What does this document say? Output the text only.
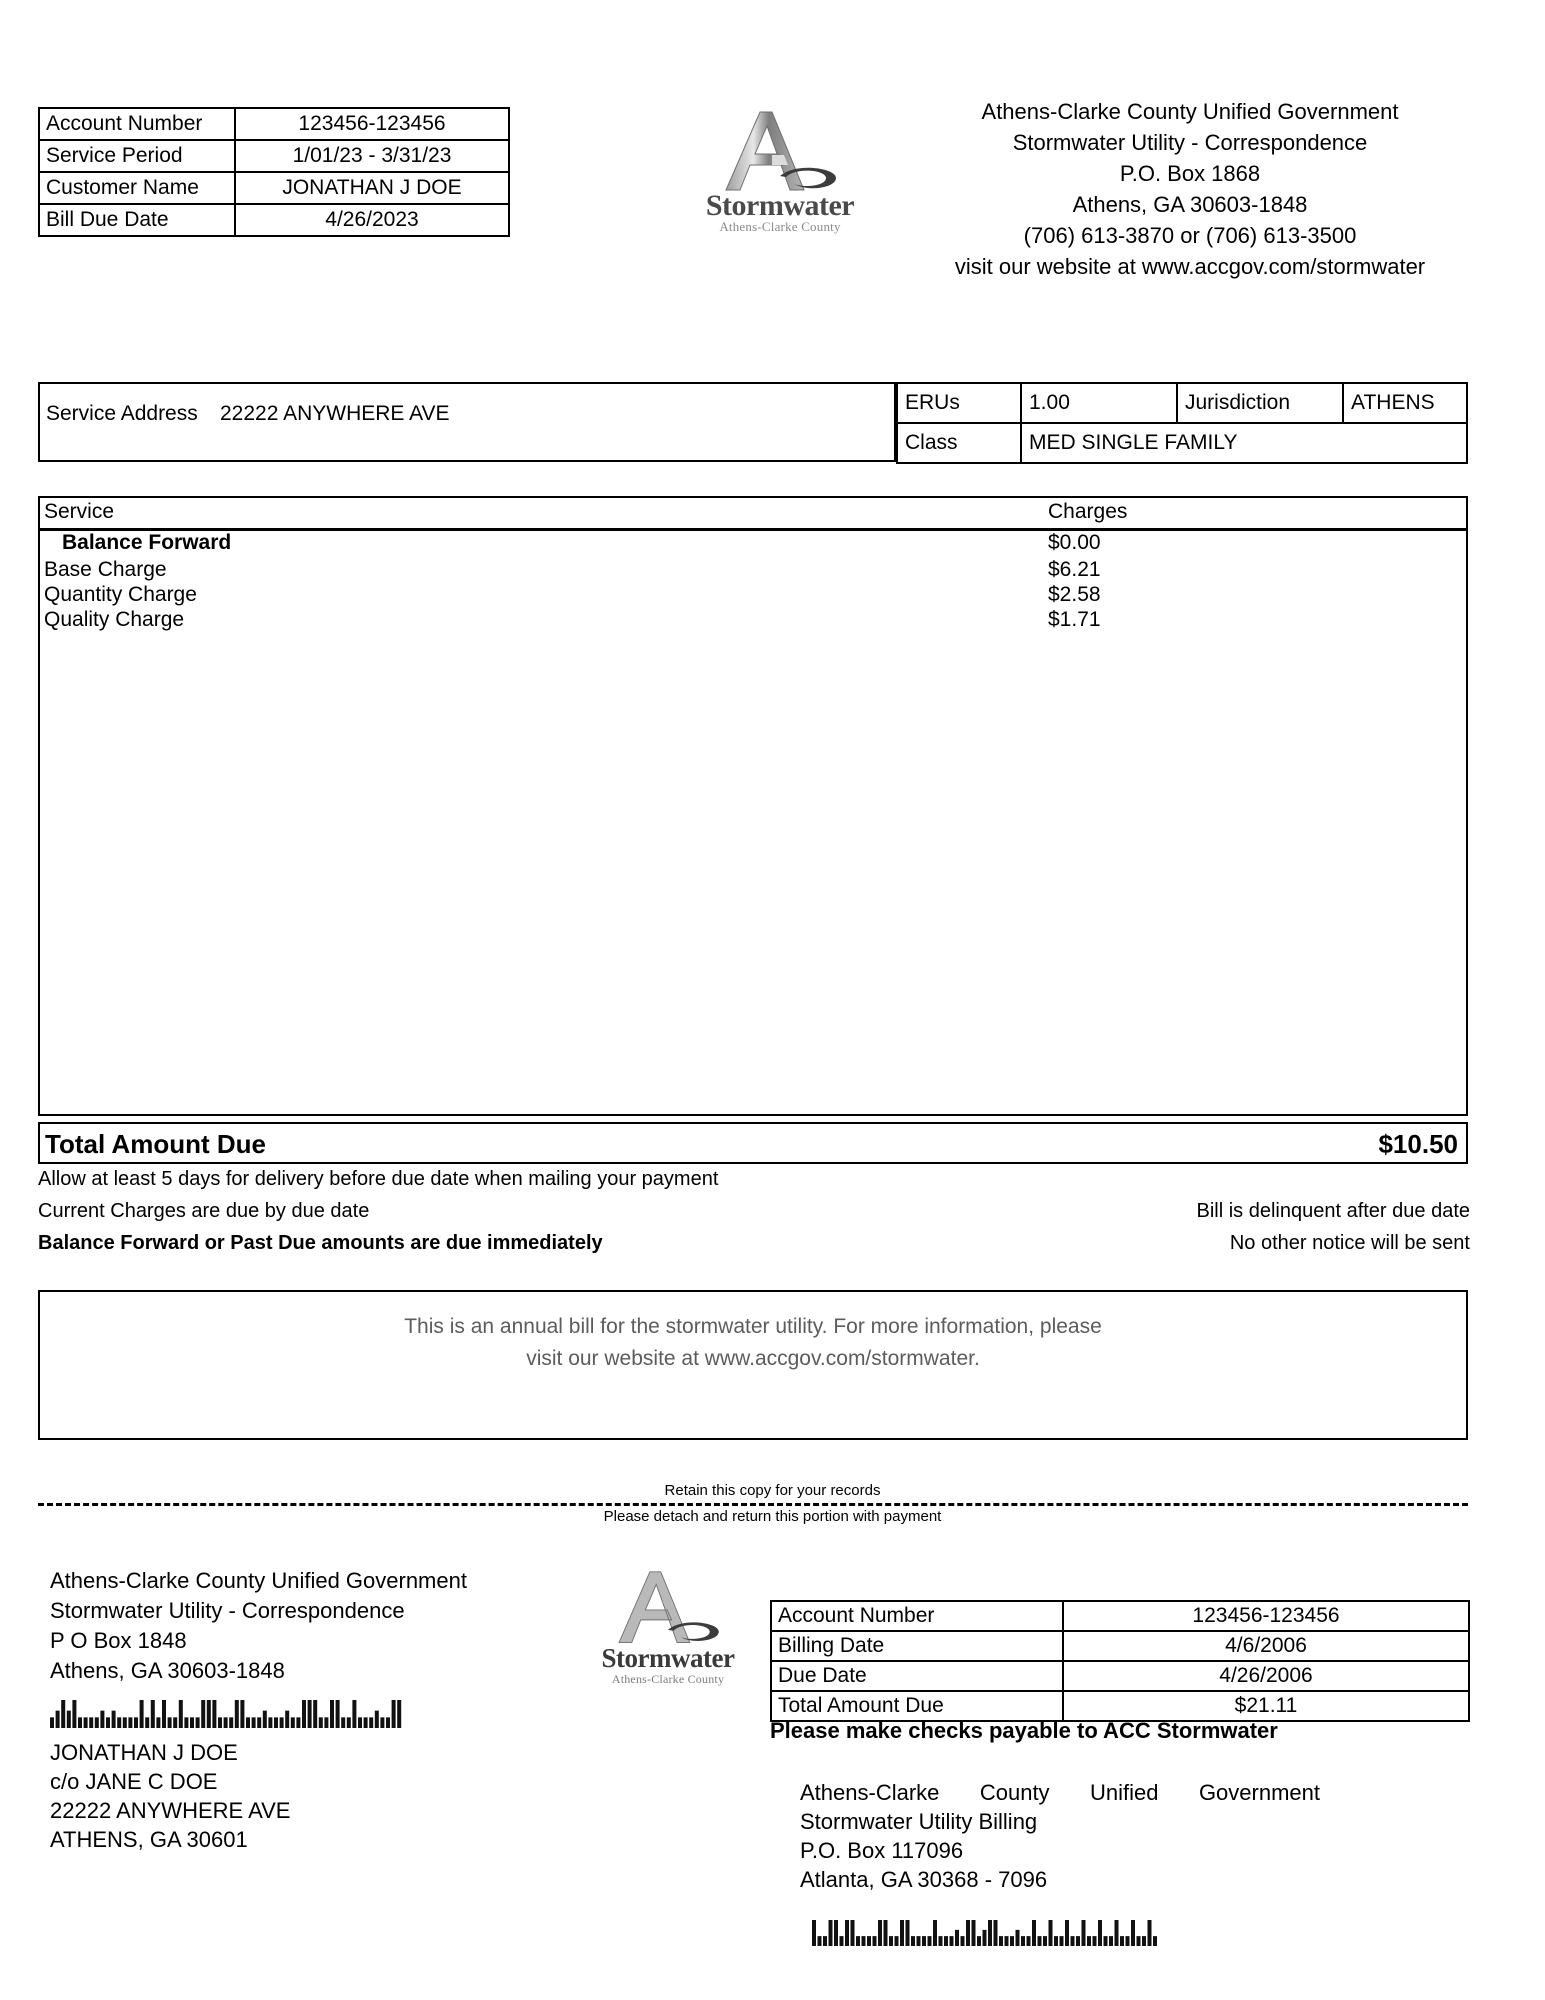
Account Number	123456-123456
Service Period	1/01/23 - 3/31/23
Customer Name	JONATHAN J DOE
Bill Due Date	4/26/2023	Stormwater
Athens-Clarke County
Athens-Clarke County Unified Government
Stormwater Utility - Correspondence
P.O. Box 1868
Athens, GA 30603-1848
(706) 613-3870 or (706) 613-3500
visit our website at www.accgov.com/stormwater
Service Address 22222 ANYWHERE AVE	ERUs	1.00	Jurisdiction	ATHENS
Class	MED SINGLE FAMILY		
Service	Charges
Balance Forward	$0.00
Base Charge	$6.21
Quantity Charge	$2.58
Quality Charge	$1.71
Total Amount Due	$10.50
Allow at least 5 days for delivery before due date when mailing your payment
Current Charges are due by due date	Bill is delinquent after due date
Balance Forward or Past Due amounts are due immediately	No other notice will be sent
This is an annual bill for the stormwater utility. For more information, please
visit our website at www.accgov.com/stormwater.
Retain this copy for your records
Please detach and return this portion with payment
Athens-Clarke County Unified Government
Stormwater Utility - Correspondence
P O Box 1848
Athens, GA 30603-1848
JONATHAN J DOE
c/o JANE C DOE
22222 ANYWHERE AVE
ATHENS, GA 30601
Stormwater
Athens-Clarke County
Account Number	123456-123456
Billing Date	4/6/2006
Due Date	4/26/2006
Total Amount Due	$21.11
Please make checks payable to ACC Stormwater
Athens-Clarke County Unified Government
Stormwater Utility Billing
P.O. Box 117096
Atlanta, GA 30368 - 7096
